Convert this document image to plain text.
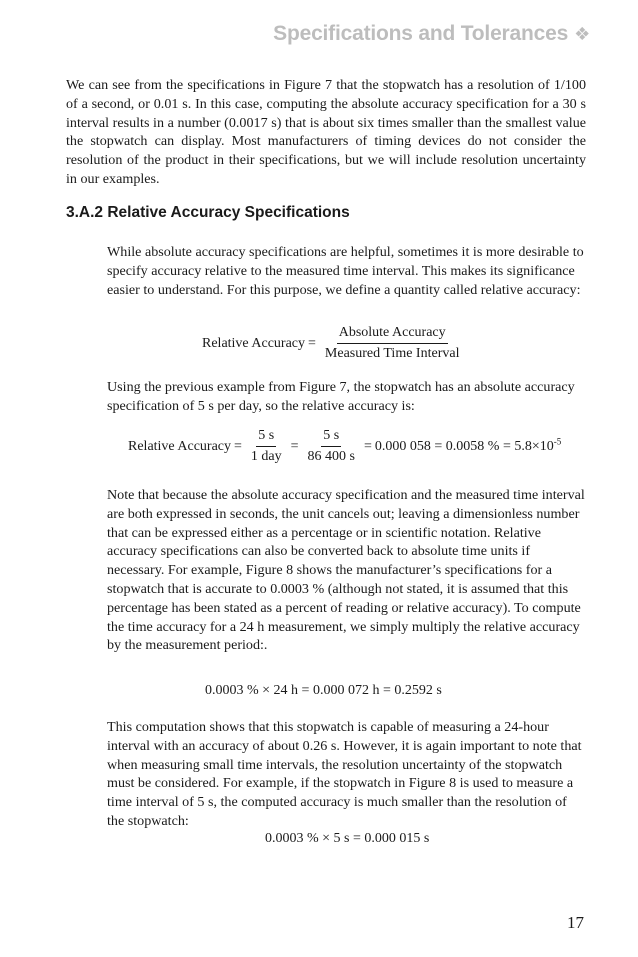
Specifications and Tolerances ❖

We can see from the specifications in Figure 7 that the stopwatch has a resolution of 1/100 of a second, or 0.01 s. In this case, computing the absolute accuracy specification for a 30 s interval results in a number (0.0017 s) that is about six times smaller than the smallest value the stopwatch can display. Most manufacturers of timing devices do not consider the resolution of the product in their specifications, but we will include resolution uncertainty in our examples.

3.A.2 Relative Accuracy Specifications

While absolute accuracy specifications are helpful, sometimes it is more desirable to specify accuracy relative to the measured time interval. This makes its significance easier to understand. For this purpose, we define a quantity called relative accuracy:

Relative Accuracy = $\frac{\text{Absolute Accuracy}}{\text{Measured Time Interval}}$

Using the previous example from Figure 7, the stopwatch has an absolute accuracy specification of 5 s per day, so the relative accuracy is:

Relative Accuracy = $\frac{5 s}{\text{1 day}} = \frac{5 s}{86 400 s} = 0.000$ 058 = 0.0058 % = $5.8\times 10^{-5}$

Note that because the absolute accuracy specification and the measured time interval are both expressed in seconds, the unit cancels out; leaving a dimensionless number that can be expressed either as a percentage or in scientific notation. Relative accuracy specifications can also be converted back to absolute time units if necessary. For example, Figure 8 shows the manufacturer’s specifications for a stopwatch that is accurate to 0.0003 % (although not stated, it is assumed that this percentage has been stated as a percent of reading or relative accuracy). To compute the time accuracy for a 24 h measurement, we simply multiply the relative accuracy by the measurement period:.

0.0003 % × 24 h = 0.000 072 h = 0.2592 s

This computation shows that this stopwatch is capable of measuring a 24-hour interval with an accuracy of about 0.26 s. However, it is again important to note that when measuring small time intervals, the resolution uncertainty of the stopwatch must be considered. For example, if the stopwatch in Figure 8 is used to measure a time interval of 5 s, the computed accuracy is much smaller than the resolution of the stopwatch:

0.0003 % × 5 s = 0.000 015 s
17
